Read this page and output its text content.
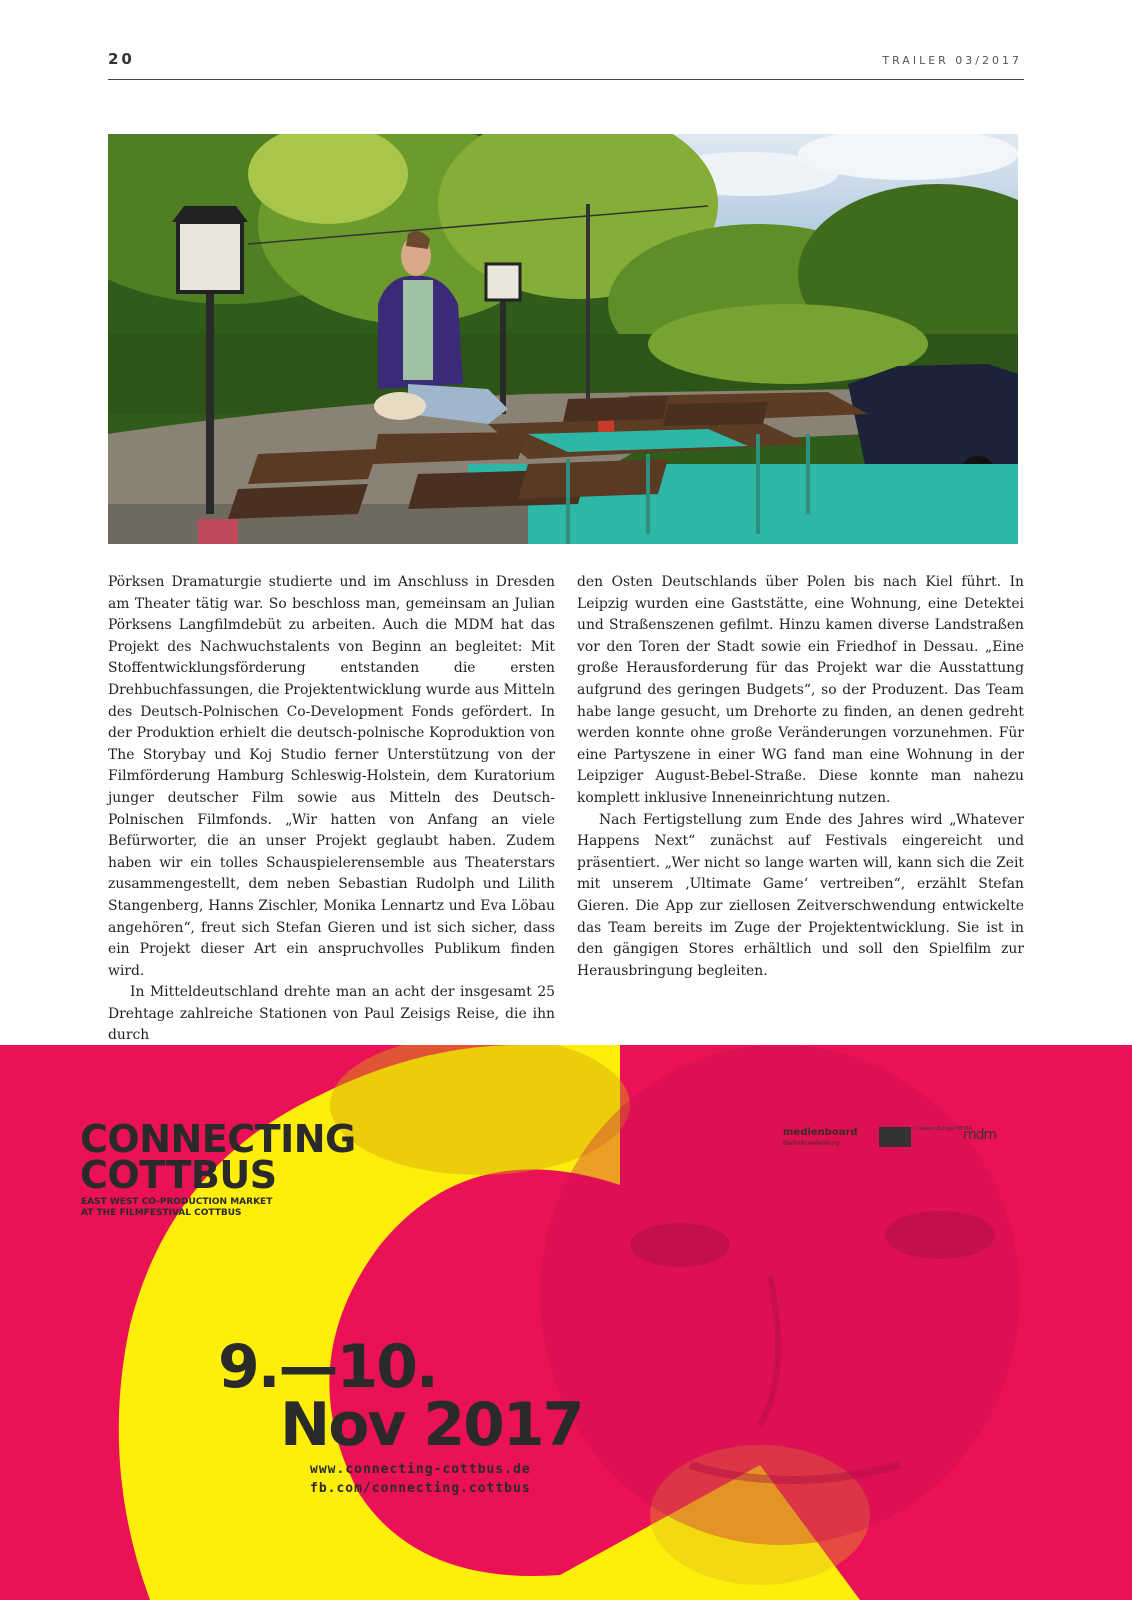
20	TRAILER 03/2017

Pörksen Dramaturgie studierte und im Anschluss in Dresden am Theater tätig war. So beschloss man, gemeinsam an Julian Pörksens Langfilmdebüt zu arbeiten. Auch die MDM hat das Projekt des Nachwuchstalents von Beginn an begleitet: Mit Stoffentwicklungsförderung entstanden die ersten Drehbuchfassungen, die Projektentwicklung wurde aus Mitteln des Deutsch-Polnischen Co-Development Fonds gefördert. In der Produktion erhielt die deutsch-polnische Koproduktion von The Storybay und Koj Studio ferner Unterstützung von der Filmförderung Hamburg Schleswig-Holstein, dem Kuratorium junger deutscher Film sowie aus Mitteln des Deutsch-Polnischen Filmfonds. „Wir hatten von Anfang an viele Befürworter, die an unser Projekt geglaubt haben. Zudem haben wir ein tolles Schauspielerensemble aus Theaterstars zusammengestellt, dem neben Sebastian Rudolph und Lilith Stangenberg, Hanns Zischler, Monika Lennartz und Eva Löbau angehören“, freut sich Stefan Gieren und ist sich sicher, dass ein Projekt dieser Art ein anspruchvolles Publikum finden wird.

In Mitteldeutschland drehte man an acht der insgesamt 25 Drehtage zahlreiche Stationen von Paul Zeisigs Reise, die ihn durch

den Osten Deutschlands über Polen bis nach Kiel führt. In Leipzig wurden eine Gaststätte, eine Wohnung, eine Detektei und Straßenszenen gefilmt. Hinzu kamen diverse Landstraßen vor den Toren der Stadt sowie ein Friedhof in Dessau. „Eine große Herausforderung für das Projekt war die Ausstattung aufgrund des geringen Budgets“, so der Produzent. Das Team habe lange gesucht, um Drehorte zu finden, an denen gedreht werden konnte ohne große Veränderungen vorzunehmen. Für eine Partyszene in einer WG fand man eine Wohnung in der Leipziger August-Bebel-Straße. Diese konnte man nahezu komplett inklusive Inneneinrichtung nutzen.

Nach Fertigstellung zum Ende des Jahres wird „Whatever Happens Next“ zunächst auf Festivals eingereicht und präsentiert. „Wer nicht so lange warten will, kann sich die Zeit mit unserem ‚Ultimate Game‘ vertreiben“, erzählt Stefan Gieren. Die App zur ziellosen Zeitverschwendung entwickelte das Team bereits im Zuge der Projektentwicklung. Sie ist in den gängigen Stores erhältlich und soll den Spielfilm zur Herausbringung begleiten.

CONNECTING
COTTBUS
EAST WEST CO-PRODUCTION MARKET
AT THE FILMFESTIVAL COTTBUS
medienboard
BerlinBrandenburg
Creative Europe MEDIA
mdm
9.—10.
Nov 2017
www.connecting-cottbus.de
fb.com/connecting.cottbus
